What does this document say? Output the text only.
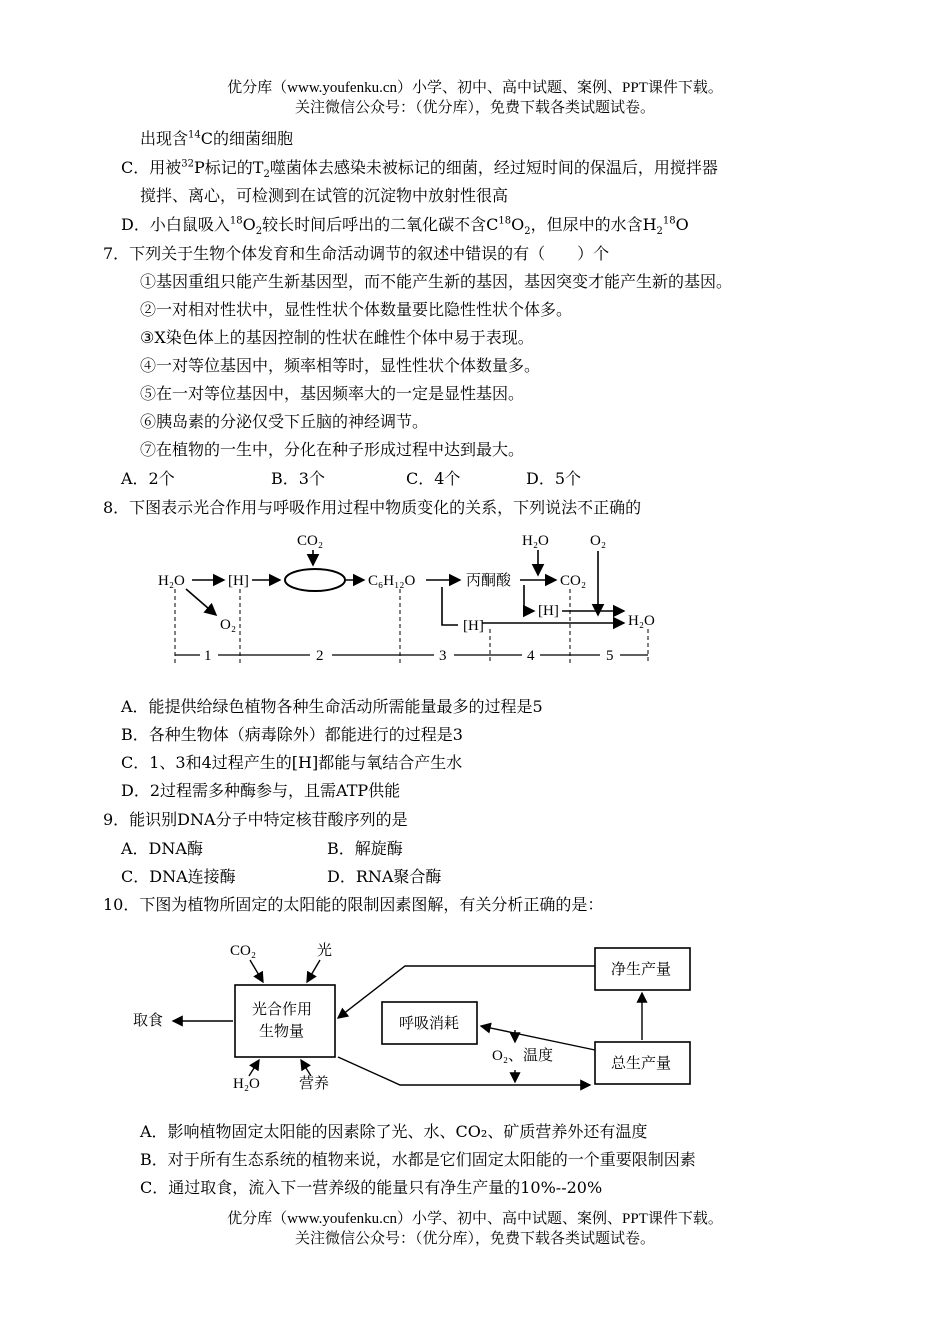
优分库（www.youfenku.cn）小学、初中、高中试题、案例、PPT课件下载。
关注微信公众号：（优分库），免费下载各类试题试卷。
出现含$^{14}$C的细菌细胞
C．用被$^{32}$P标记的$T_2$噬菌体去感染未被标记的细菌，经过短时间的保温后，用搅拌器
搅拌、离心，可检测到在试管的沉淀物中放射性很高
D．小白鼠吸入$^{18}O_2$较长时间后呼出的二氧化碳不含$C^{18}O_2$，但尿中的水含$H_2^{18}O$
7．下列关于生物个体发育和生命活动调节的叙述中错误的有（　　）个
①基因重组只能产生新基因型，而不能产生新的基因，基因突变才能产生新的基因。
②一对相对性状中，显性性状个体数量要比隐性性状个体多。
③X染色体上的基因控制的性状在雌性个体中易于表现。
④一对等位基因中，频率相等时，显性性状个体数量多。
⑤在一对等位基因中，基因频率大的一定是显性基因。
⑥胰岛素的分泌仅受下丘脑的神经调节。
⑦在植物的一生中，分化在种子形成过程中达到最大。
A．2个	B．3个	C．4个	D．5个
8．下图表示光合作用与呼吸作用过程中物质变化的关系，下列说法不正确的
H₂O	[H]
O₂
CO₂
C₆H₁₂O	丙酮酸
H₂O	O₂
CO₂
[H]
[H]	H₂O
1	2	3	4	5
A．能提供给绿色植物各种生命活动所需能量最多的过程是5
B．各种生物体（病毒除外）都能进行的过程是3
C．1、3和4过程产生的[H]都能与氧结合产生水
D．2过程需多种酶参与，且需ATP供能
9．能识别DNA分子中特定核苷酸序列的是
A．DNA酶	B．解旋酶
C．DNA连接酶	D．RNA聚合酶
10．下图为植物所固定的太阳能的限制因素图解，有关分析正确的是：
CO₂	光
光合作用
生物量
取食
H₂O	营养
呼吸消耗
O₂、温度
净生产量
总生产量
A．影响植物固定太阳能的因素除了光、水、CO₂、矿质营养外还有温度
B．对于所有生态系统的植物来说，水都是它们固定太阳能的一个重要限制因素
C．通过取食，流入下一营养级的能量只有净生产量的10%--20%
优分库（www.youfenku.cn）小学、初中、高中试题、案例、PPT课件下载。
关注微信公众号：（优分库），免费下载各类试题试卷。
